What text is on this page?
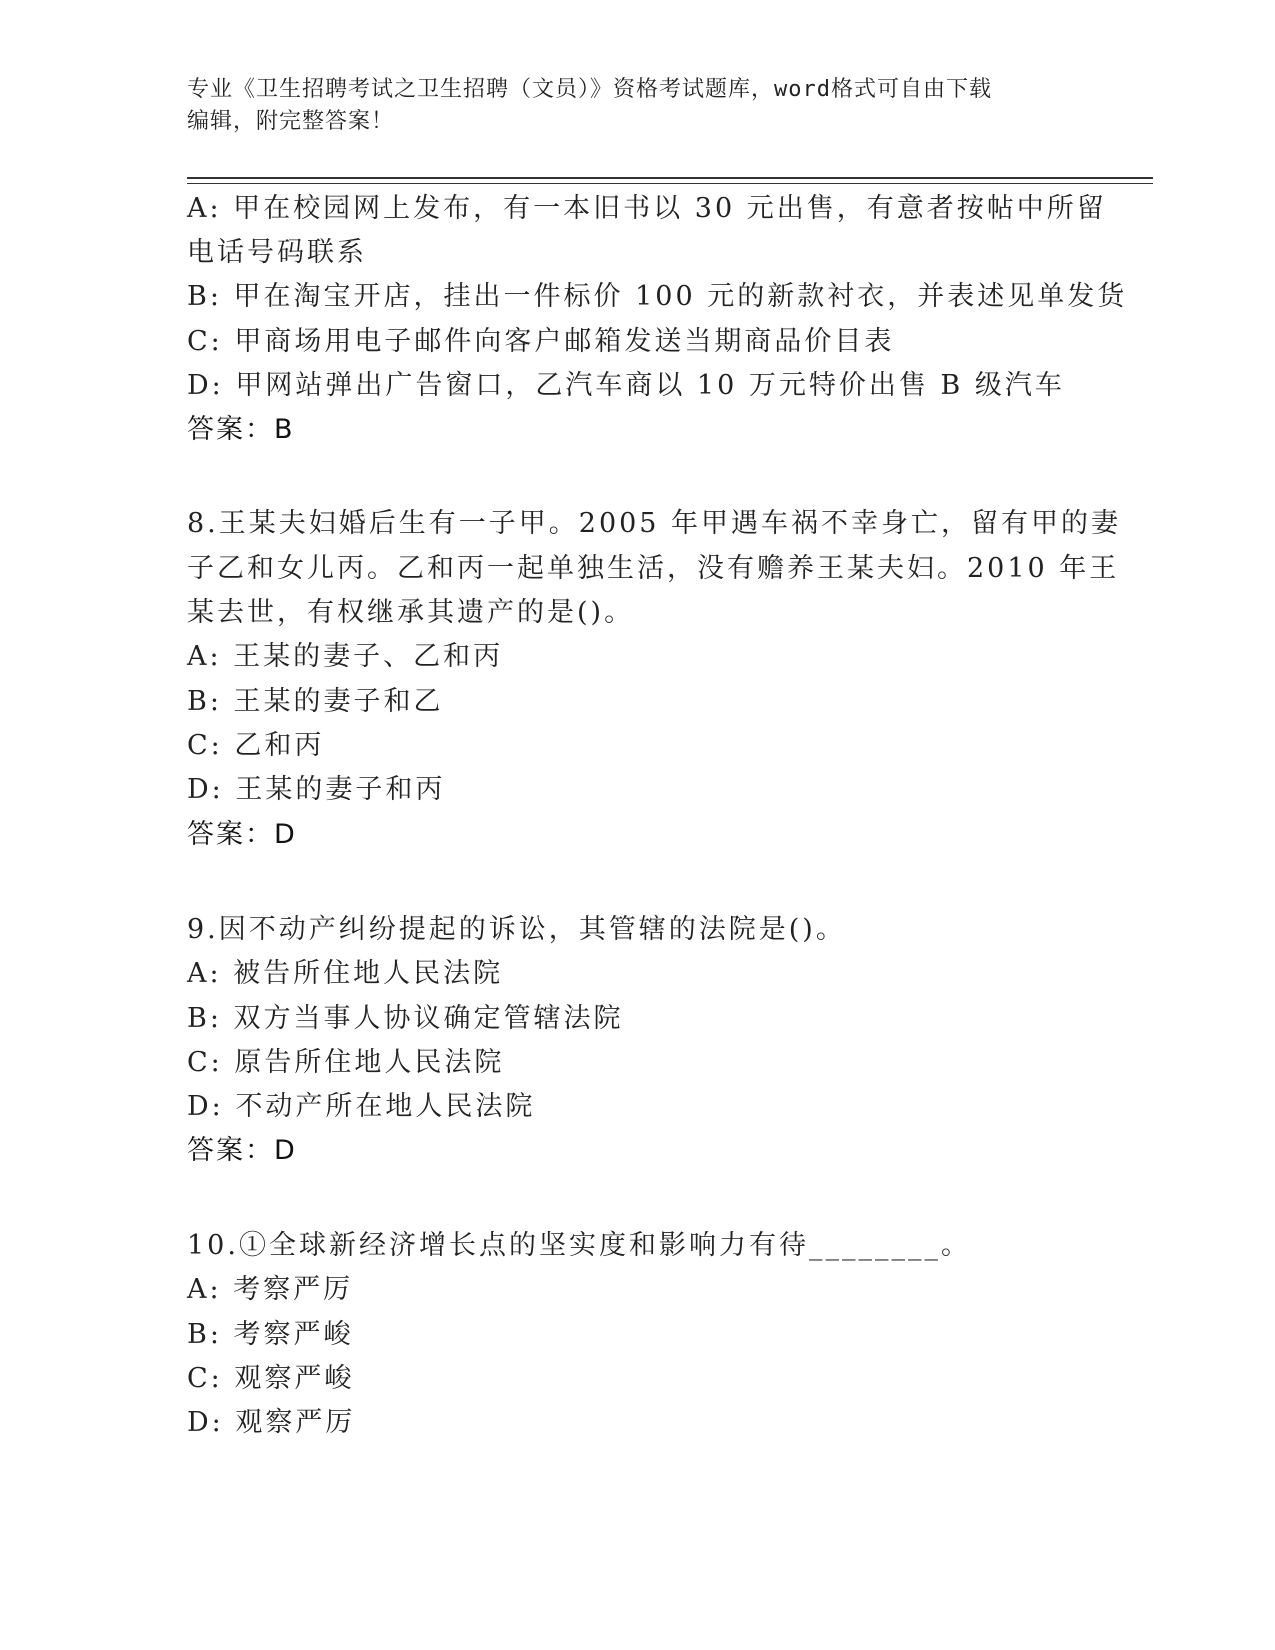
专业《卫生招聘考试之卫生招聘（文员）》资格考试题库，word格式可自由下载
编辑，附完整答案！
A: 甲在校园网上发布，有一本旧书以 30 元出售，有意者按帖中所留
电话号码联系
B: 甲在淘宝开店，挂出一件标价 100 元的新款衬衣，并表述见单发货
C: 甲商场用电子邮件向客户邮箱发送当期商品价目表
D: 甲网站弹出广告窗口，乙汽车商以 10 万元特价出售 B 级汽车
答案：B
8.王某夫妇婚后生有一子甲。2005 年甲遇车祸不幸身亡，留有甲的妻
子乙和女儿丙。乙和丙一起单独生活，没有赡养王某夫妇。2010 年王
某去世，有权继承其遗产的是()。
A: 王某的妻子、乙和丙
B: 王某的妻子和乙
C: 乙和丙
D: 王某的妻子和丙
答案：D
9.因不动产纠纷提起的诉讼，其管辖的法院是()。
A: 被告所住地人民法院
B: 双方当事人协议确定管辖法院
C: 原告所住地人民法院
D: 不动产所在地人民法院
答案：D
10.①全球新经济增长点的坚实度和影响力有待________。
A: 考察严厉
B: 考察严峻
C: 观察严峻
D: 观察严厉
